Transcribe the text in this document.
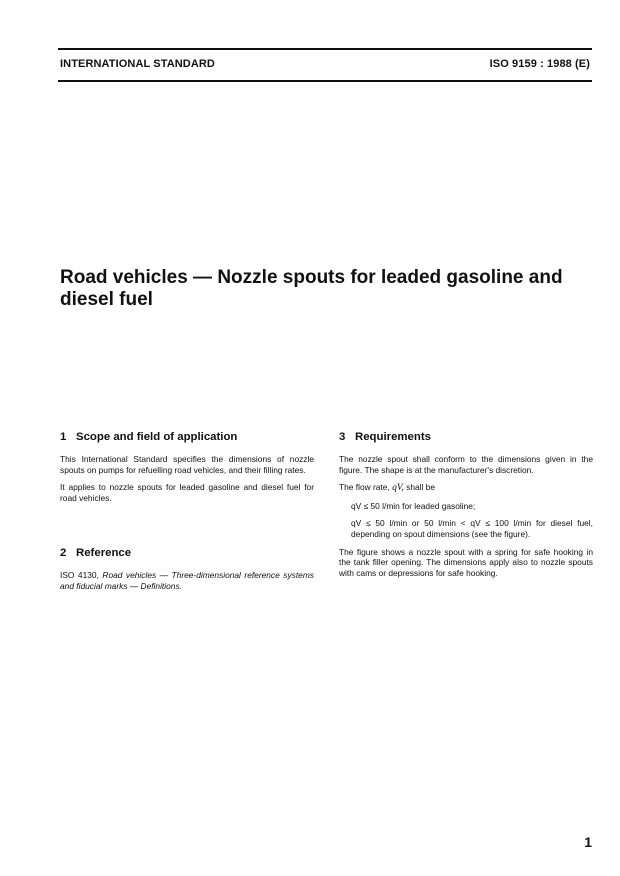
INTERNATIONAL STANDARD	ISO 9159 : 1988 (E)
Road vehicles — Nozzle spouts for leaded gasoline and diesel fuel
1 Scope and field of application

This International Standard specifies the dimensions of nozzle spouts on pumps for refuelling road vehicles, and their filling rates.

It applies to nozzle spouts for leaded gasoline and diesel fuel for road vehicles.

2 Reference

ISO 4130, Road vehicles — Three-dimensional reference systems and fiducial marks — Definitions.

3 Requirements

The nozzle spout shall conform to the dimensions given in the figure. The shape is at the manufacturer's discretion.

The flow rate, qV, shall be

qV ≤ 50 l/min for leaded gasoline;

qV ≤ 50 l/min or 50 l/min < qV ≤ 100 l/min for diesel fuel, depending on spout dimensions (see the figure).

The figure shows a nozzle spout with a spring for safe hooking in the tank filler opening. The dimensions apply also to nozzle spouts with cams or depressions for safe hooking.

1
